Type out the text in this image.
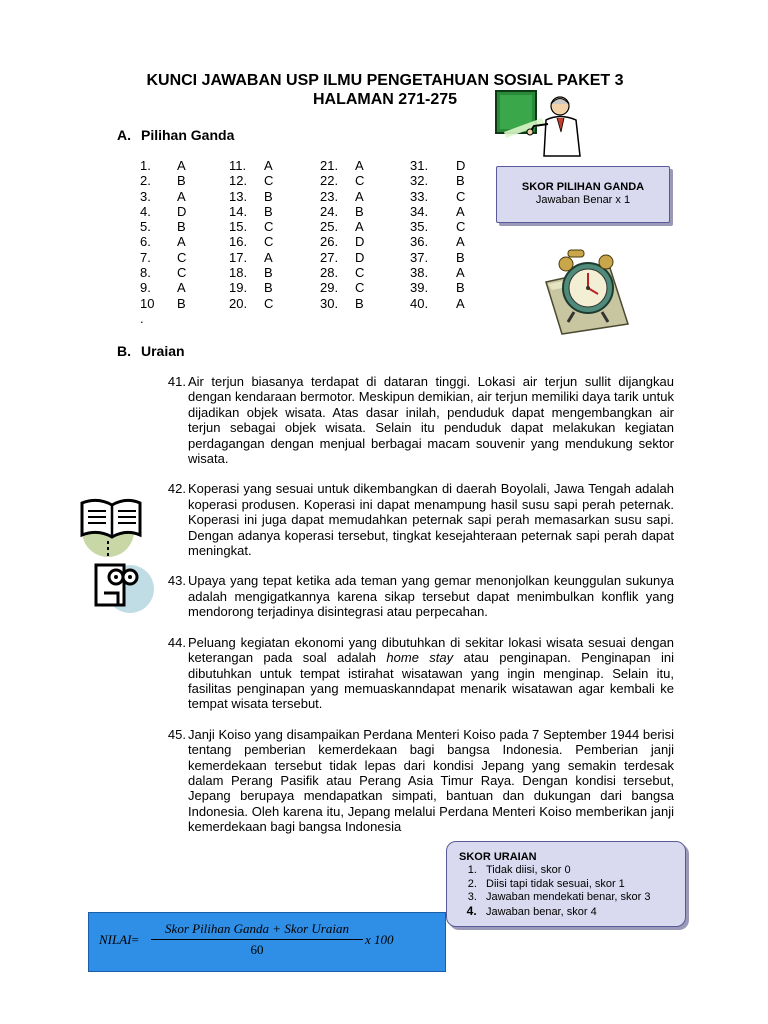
KUNCI JAWABAN USP ILMU PENGETAHUAN SOSIAL PAKET 3
HALAMAN 271-275
A. Pilihan Ganda
1. A
2. B
3. A
4. D
5. B
6. A
7. C
8. C
9. A
10
.B
11. A
12. C
13. B
14. B
15. C
16. C
17. A
18. B
19. B
20. C
21. A
22. C
23. A
24. B
25. A
26. D
27. D
28. C
29. C
30. B
31. D
32. B
33. C
34. A
35. C
36. A
37. B
38. A
39. B
40. A
SKOR PILIHAN GANDA
Jawaban Benar x 1
B. Uraian
41. Air terjun biasanya terdapat di dataran tinggi. Lokasi air terjun sullit dijangkau dengan kendaraan bermotor. Meskipun demikian, air terjun memiliki daya tarik untuk dijadikan objek wisata. Atas dasar inilah, penduduk dapat mengembangkan air terjun sebagai objek wisata. Selain itu penduduk dapat melakukan kegiatan perdagangan dengan menjual berbagai macam souvenir yang mendukung sektor wisata.
42. Koperasi yang sesuai untuk dikembangkan di daerah Boyolali, Jawa Tengah adalah koperasi produsen. Koperasi ini dapat menampung hasil susu sapi perah peternak. Koperasi ini juga dapat memudahkan peternak sapi perah memasarkan susu sapi. Dengan adanya koperasi tersebut, tingkat kesejahteraan peternak sapi perah dapat meningkat.
43. Upaya yang tepat ketika ada teman yang gemar menonjolkan keunggulan sukunya adalah mengigatkannya karena sikap tersebut dapat menimbulkan konflik yang mendorong terjadinya disintegrasi atau perpecahan.
44. Peluang kegiatan ekonomi yang dibutuhkan di sekitar lokasi wisata sesuai dengan keterangan pada soal adalah home stay atau penginapan. Penginapan ini dibutuhkan untuk tempat istirahat wisatawan yang ingin menginap. Selain itu, fasilitas penginapan yang memuaskanndapat menarik wisatawan agar kembali ke tempat wisata tersebut.
45. Janji Koiso yang disampaikan Perdana Menteri Koiso pada 7 September 1944 berisi tentang pemberian kemerdekaan bagi bangsa Indonesia. Pemberian janji kemerdekaan tersebut tidak lepas dari kondisi Jepang yang semakin terdesak dalam Perang Pasifik atau Perang Asia Timur Raya. Dengan kondisi tersebut, Jepang berupaya mendapatkan simpati, bantuan dan dukungan dari bangsa Indonesia. Oleh karena itu, Jepang melalui Perdana Menteri Koiso memberikan janji kemerdekaan bagi bangsa Indonesia
SKOR URAIAN
1. Tidak diisi, skor 0
2. Diisi tapi tidak sesuai, skor 1
3. Jawaban mendekati benar, skor 3
4. Jawaban benar, skor 4
NILAI=
Skor Pilihan Ganda + Skor Uraian
60
x 100
